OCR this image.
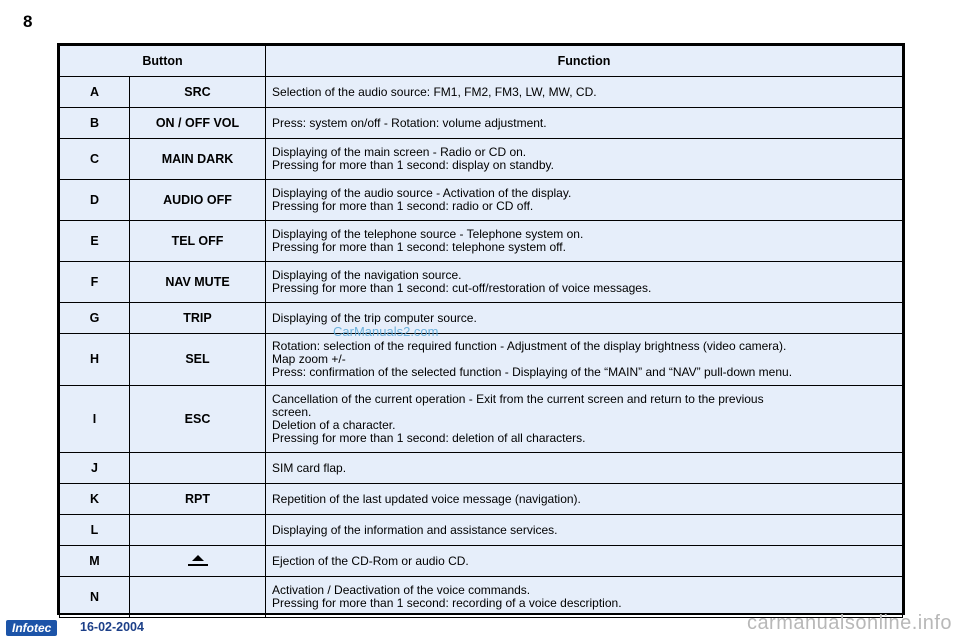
8
Button		Function
A	SRC	Selection of the audio source: FM1, FM2, FM3, LW, MW, CD.
B	ON / OFF VOL	Press: system on/off - Rotation: volume adjustment.
C	MAIN DARK	Displaying of the main screen - Radio or CD on.
Pressing for more than 1 second: display on standby.
D	AUDIO OFF	Displaying of the audio source - Activation of the display.
Pressing for more than 1 second: radio or CD off.
E	TEL OFF	Displaying of the telephone source - Telephone system on.
Pressing for more than 1 second: telephone system off.
F	NAV MUTE	Displaying of the navigation source.
Pressing for more than 1 second: cut-off/restoration of voice messages.
G	TRIP	Displaying of the trip computer source.
H	SEL	Rotation: selection of the required function - Adjustment of the display brightness (video camera).
Map zoom +/-
Press: confirmation of the selected function - Displaying of the “MAIN” and “NAV” pull-down menu.
I	ESC	Cancellation of the current operation - Exit from the current screen and return to the previous
screen.
Deletion of a character.
Pressing for more than 1 second: deletion of all characters.
J		SIM card flap.
K	RPT	Repetition of the last updated voice message (navigation).
L		Displaying of the information and assistance services.
M		Ejection of the CD-Rom or audio CD.
N		Activation / Deactivation of the voice commands.
Pressing for more than 1 second: recording of a voice description.
CarManuals2.com
Infotec	16-02-2004	carmanualsonline.info
